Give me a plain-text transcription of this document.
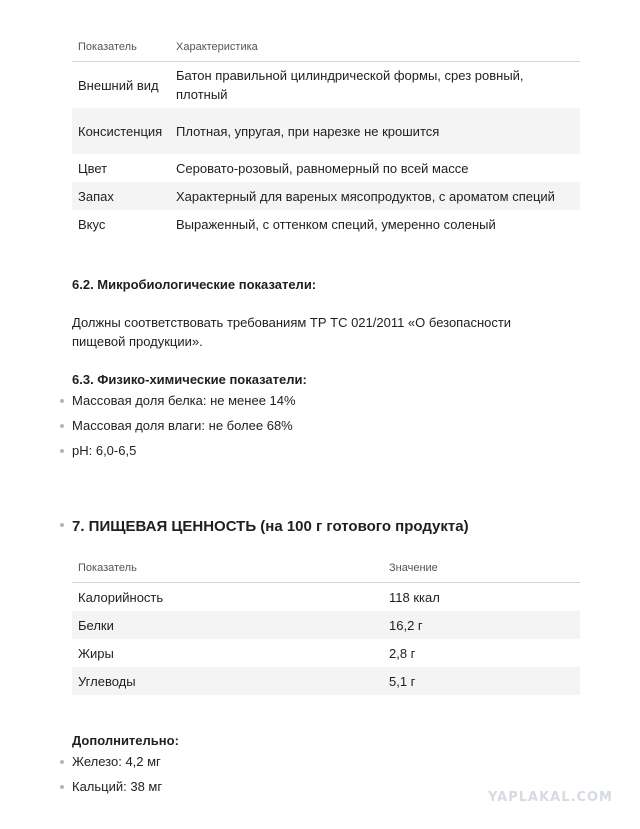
Показатель	Характеристика
Внешний вид	Батон правильной цилиндрической формы, срез ровный, плотный
Консистенция	Плотная, упругая, при нарезке не крошится
Цвет	Серовато-розовый, равномерный по всей массе
Запах	Характерный для вареных мясопродуктов, с ароматом специй
Вкус	Выраженный, с оттенком специй, умеренно соленый
6.2. Микробиологические показатели:
Должны соответствовать требованиям ТР ТС 021/2011 «О безопасности пищевой продукции».
6.3. Физико-химические показатели:
Массовая доля белка: не менее 14%
Массовая доля влаги: не более 68%
pH: 6,0-6,5
7. ПИЩЕВАЯ ЦЕННОСТЬ (на 100 г готового продукта)
Показатель	Значение
Калорийность	118 ккал
Белки	16,2 г
Жиры	2,8 г
Углеводы	5,1 г
Дополнительно:
Железо: 4,2 мг
Кальций: 38 мг
YAPLAKAL.COM
